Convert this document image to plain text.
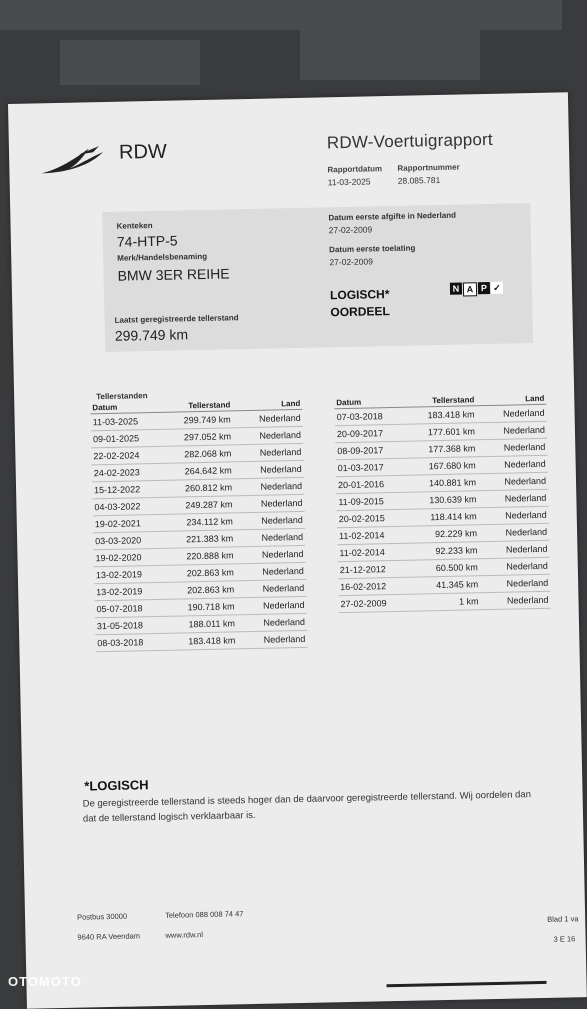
RDW	RDW-Voertuigrapport
Rapportdatum
11-03-2025
Rapportnummer
28.085.781
Kenteken
74-HTP-5
Merk/Handelsbenaming
BMW 3ER REIHE
Laatst geregistreerde tellerstand
299.749 km
Datum eerste afgifte in Nederland
27-02-2009
Datum eerste toelating
27-02-2009
LOGISCH*
OORDEEL
N A P ✓
Tellerstanden
Datum	Tellerstand	Land
11-03-2025	299.749 km	Nederland
09-01-2025	297.052 km	Nederland
22-02-2024	282.068 km	Nederland
24-02-2023	264.642 km	Nederland
15-12-2022	260.812 km	Nederland
04-03-2022	249.287 km	Nederland
19-02-2021	234.112 km	Nederland
03-03-2020	221.383 km	Nederland
19-02-2020	220.888 km	Nederland
13-02-2019	202.863 km	Nederland
13-02-2019	202.863 km	Nederland
05-07-2018	190.718 km	Nederland
31-05-2018	188.011 km	Nederland
08-03-2018	183.418 km	Nederland
Datum	Tellerstand	Land
07-03-2018	183.418 km	Nederland
20-09-2017	177.601 km	Nederland
08-09-2017	177.368 km	Nederland
01-03-2017	167.680 km	Nederland
20-01-2016	140.881 km	Nederland
11-09-2015	130.639 km	Nederland
20-02-2015	118.414 km	Nederland
11-02-2014	92.229 km	Nederland
11-02-2014	92.233 km	Nederland
21-12-2012	60.500 km	Nederland
16-02-2012	41.345 km	Nederland
27-02-2009	1 km	Nederland
*LOGISCH
De geregistreerde tellerstand is steeds hoger dan de daarvoor geregistreerde tellerstand. Wij oordelen dan
dat de tellerstand logisch verklaarbaar is.
Postbus 30000
9640 RA Veendam
Telefoon 088 008 74 47
www.rdw.nl
Blad 1 va
3 E 16
OTOMOTO
